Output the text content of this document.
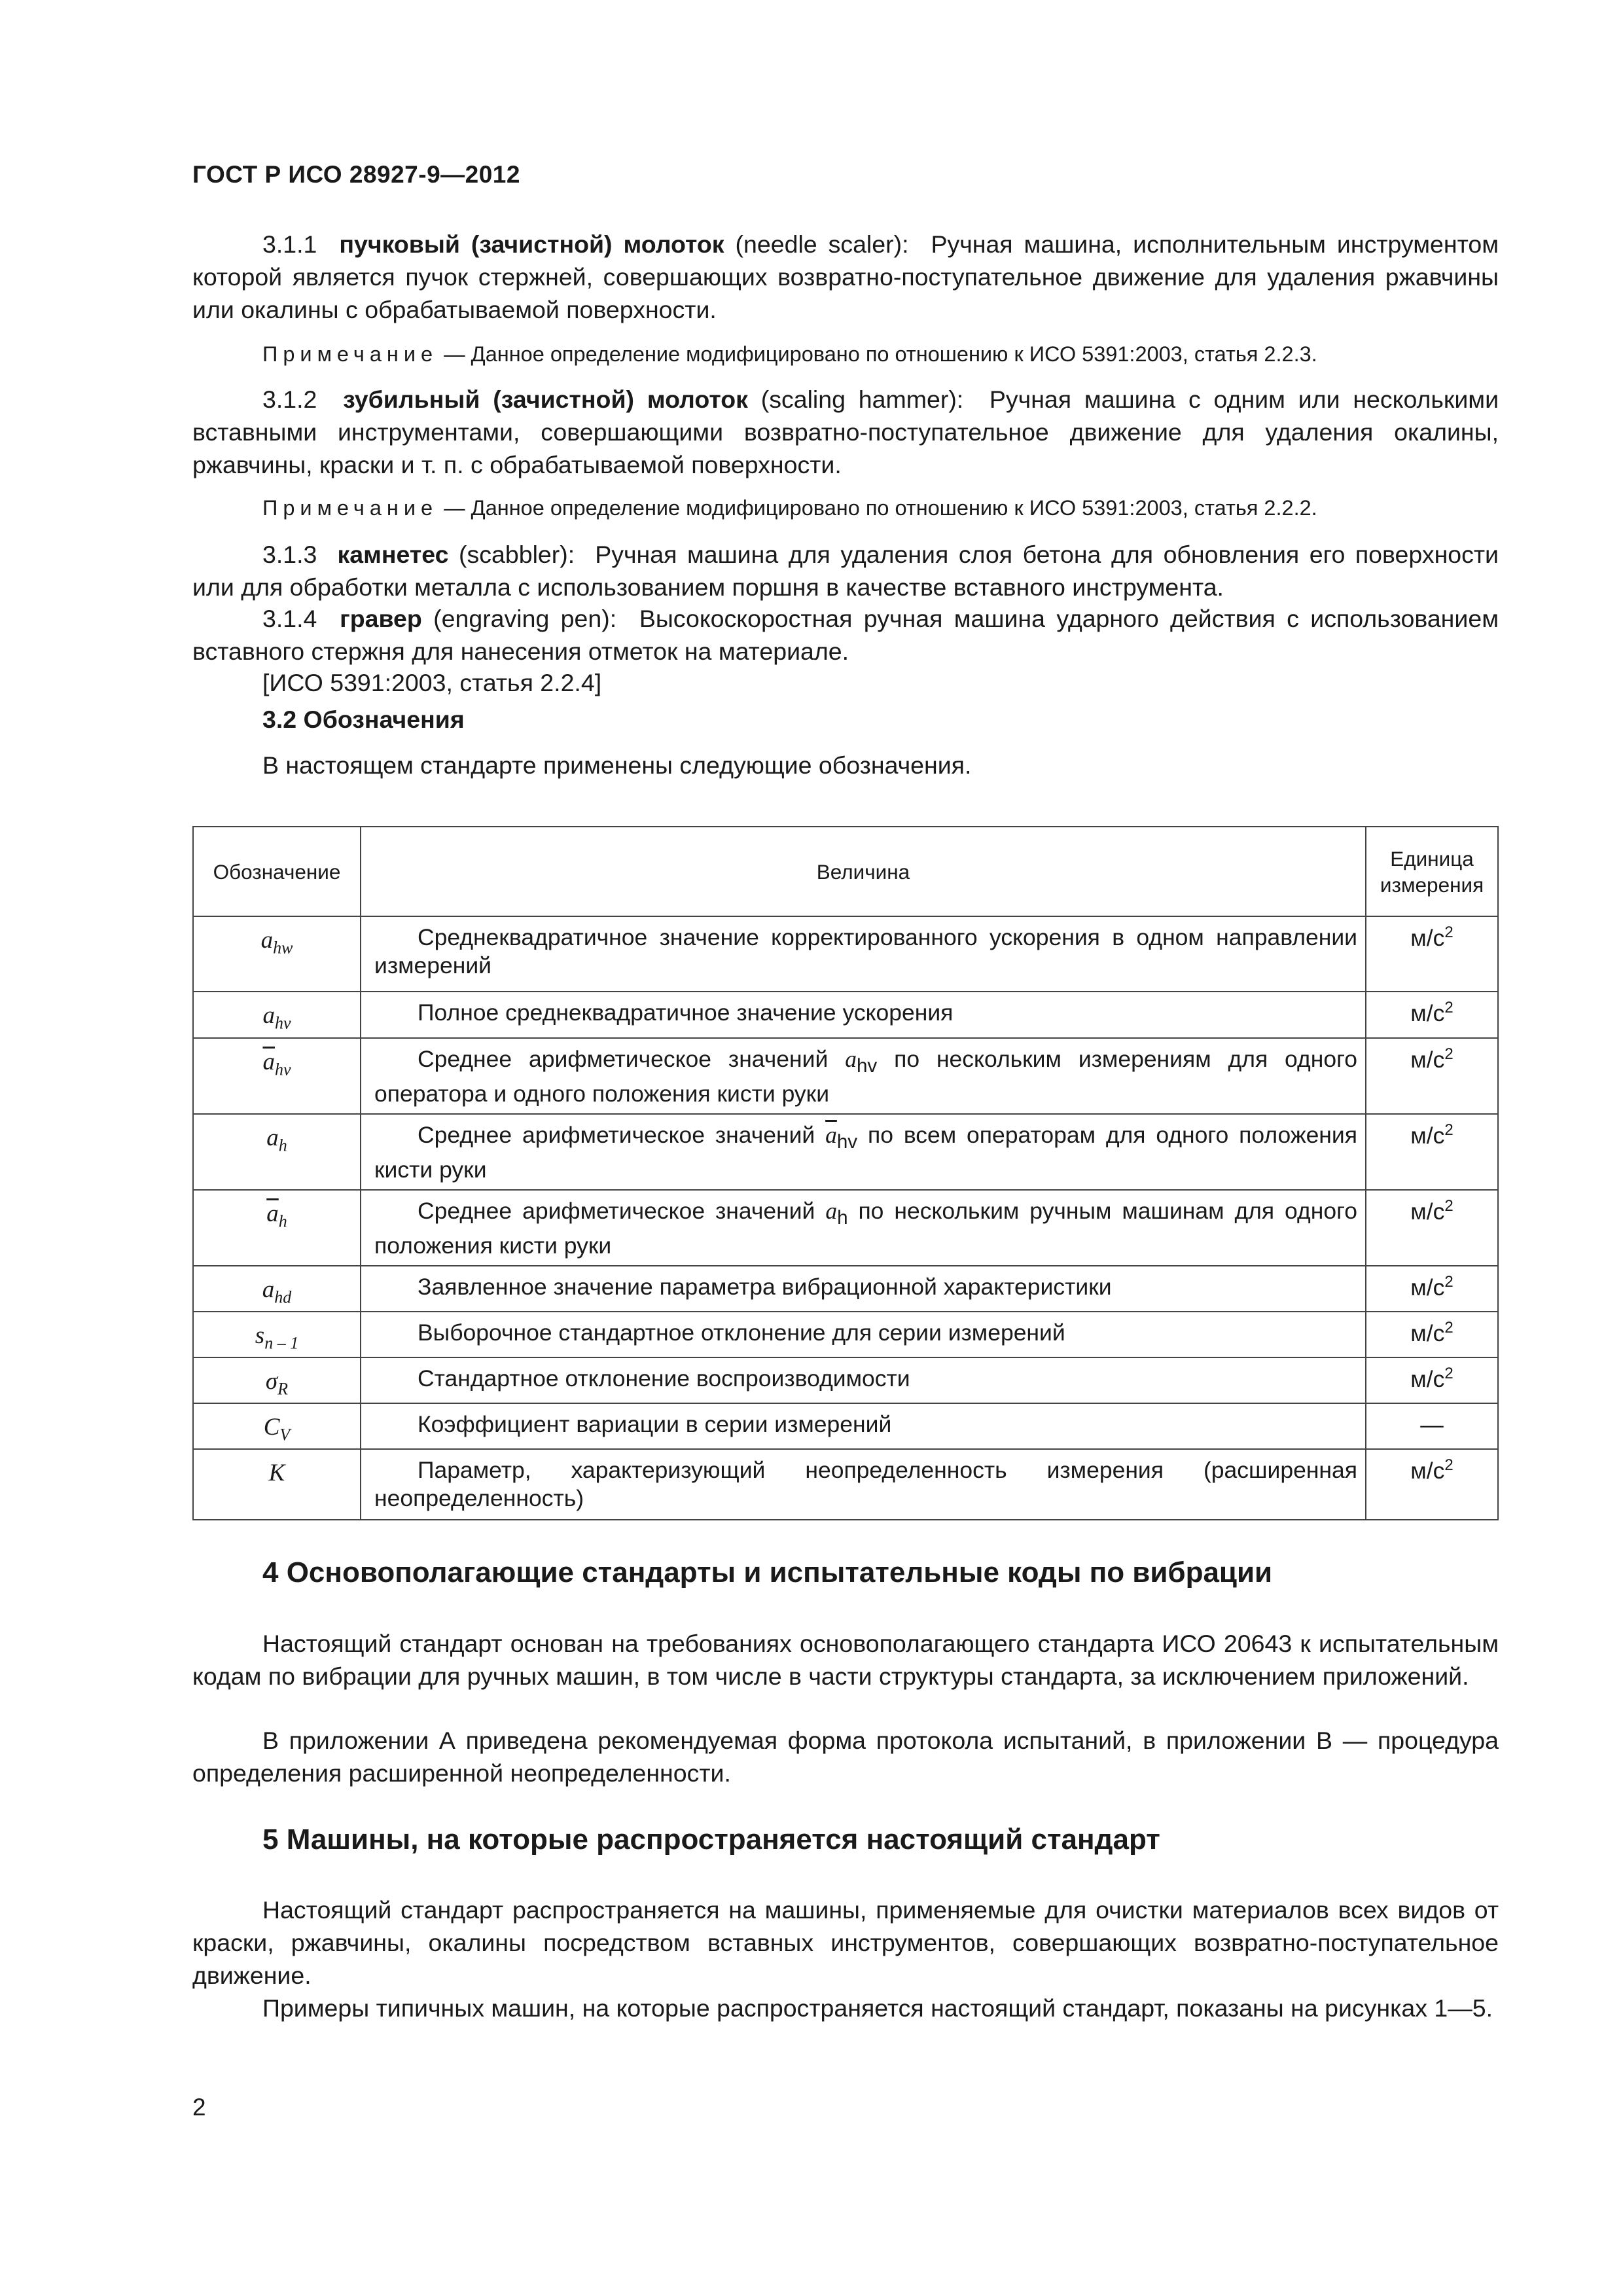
ГОСТ Р ИСО 28927-9—2012
3.1.1 пучковый (зачистной) молоток (needle scaler): Ручная машина, исполнительным инструментом которой является пучок стержней, совершающих возвратно-поступательное движение для удаления ржавчины или окалины с обрабатываемой поверхности.
Примечание — Данное определение модифицировано по отношению к ИСО 5391:2003, статья 2.2.3.
3.1.2 зубильный (зачистной) молоток (scaling hammer): Ручная машина с одним или несколькими вставными инструментами, совершающими возвратно-поступательное движение для удаления окалины, ржавчины, краски и т. п. с обрабатываемой поверхности.
Примечание — Данное определение модифицировано по отношению к ИСО 5391:2003, статья 2.2.2.
3.1.3 камнетес (scabbler): Ручная машина для удаления слоя бетона для обновления его поверхности или для обработки металла с использованием поршня в качестве вставного инструмента.
3.1.4 гравер (engraving pen): Высокоскоростная ручная машина ударного действия с использованием вставного стержня для нанесения отметок на материале.
[ИСО 5391:2003, статья 2.2.4]
3.2 Обозначения
В настоящем стандарте применены следующие обозначения.
Обозначение	Величина	Единица измерения
$a_{hw}$	Среднеквадратичное значение корректированного ускорения в одном направлении измерений	$м/с^2$
$a_{hv}$	Полное среднеквадратичное значение ускорения	$м/с^2$
$\overline{a}_{hv}$	Среднее арифметическое значений $a_{hv}$ по нескольким измерениям для одного оператора и одного положения кисти руки	$м/с^2$
$a_h$	Среднее арифметическое значений $\overline{a}_{hv}$ по всем операторам для одного положения кисти руки	$м/с^2$
$\overline{a}_h$	Среднее арифметическое значений $a_h$ по нескольким ручным машинам для одного положения кисти руки	$м/с^2$
$a_{hd}$	Заявленное значение параметра вибрационной характеристики	$м/с^2$
$s_{n - 1}$	Выборочное стандартное отклонение для серии измерений	$м/с^2$
$\sigma_R$	Стандартное отклонение воспроизводимости	$м/с^2$
$C_V$	Коэффициент вариации в серии измерений	—
K	Параметр, характеризующий неопределенность измерения (расширенная неопределенность)	$м/с^2$
4 Основополагающие стандарты и испытательные коды по вибрации
Настоящий стандарт основан на требованиях основополагающего стандарта ИСО 20643 к испытательным кодам по вибрации для ручных машин, в том числе в части структуры стандарта, за исключением приложений.
В приложении А приведена рекомендуемая форма протокола испытаний, в приложении В — процедура определения расширенной неопределенности.
5 Машины, на которые распространяется настоящий стандарт
Настоящий стандарт распространяется на машины, применяемые для очистки материалов всех видов от краски, ржавчины, окалины посредством вставных инструментов, совершающих возвратно-поступательное движение.
Примеры типичных машин, на которые распространяется настоящий стандарт, показаны на рисунках 1—5.
2
